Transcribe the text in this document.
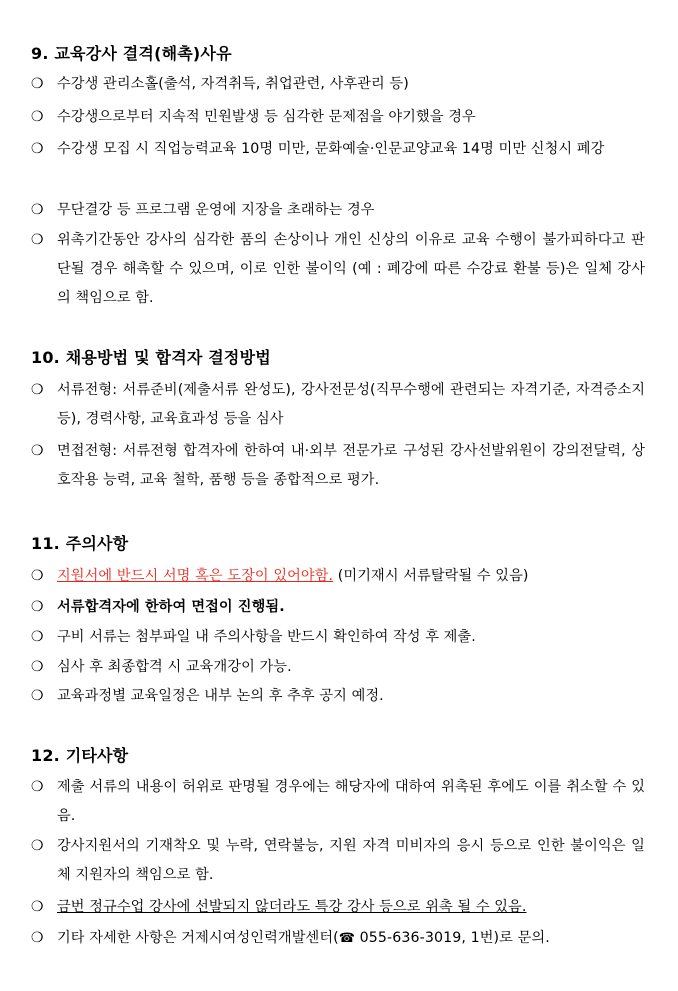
9. 교육강사 결격(해촉)사유
❍ 수강생 관리소홀(출석, 자격취득, 취업관련, 사후관리 등)
❍ 수강생으로부터 지속적 민원발생 등 심각한 문제점을 야기했을 경우
❍ 수강생 모집 시 직업능력교육 10명 미만, 문화예술·인문교양교육 14명 미만 신청시 폐강
❍ 무단결강 등 프로그램 운영에 지장을 초래하는 경우
❍ 위촉기간동안 강사의 심각한 품의 손상이나 개인 신상의 이유로 교육 수행이 불가피하다고 판단될 경우 해촉할 수 있으며, 이로 인한 불이익 (예 : 폐강에 따른 수강료 환불 등)은 일체 강사의 책임으로 함.
10. 채용방법 및 합격자 결정방법
❍ 서류전형: 서류준비(제출서류 완성도), 강사전문성(직무수행에 관련되는 자격기준, 자격증소지 등), 경력사항, 교육효과성 등을 심사
❍ 면접전형: 서류전형 합격자에 한하여 내·외부 전문가로 구성된 강사선발위원이 강의전달력, 상호작용 능력, 교육 철학, 품행 등을 종합적으로 평가.
11. 주의사항
❍ 지원서에 반드시 서명 혹은 도장이 있어야함. (미기재시 서류탈락될 수 있음)
❍ 서류합격자에 한하여 면접이 진행됨.
❍ 구비 서류는 첨부파일 내 주의사항을 반드시 확인하여 작성 후 제출.
❍ 심사 후 최종합격 시 교육개강이 가능.
❍ 교육과정별 교육일정은 내부 논의 후 추후 공지 예정.
12. 기타사항
❍ 제출 서류의 내용이 허위로 판명될 경우에는 해당자에 대하여 위촉된 후에도 이를 취소할 수 있음.
❍ 강사지원서의 기재착오 및 누락, 연락불능, 지원 자격 미비자의 응시 등으로 인한 불이익은 일체 지원자의 책임으로 함.
❍ 금번 정규수업 강사에 선발되지 않더라도 특강 강사 등으로 위촉 될 수 있음.
❍ 기타 자세한 사항은 거제시여성인력개발센터(☎ 055-636-3019, 1번)로 문의.
